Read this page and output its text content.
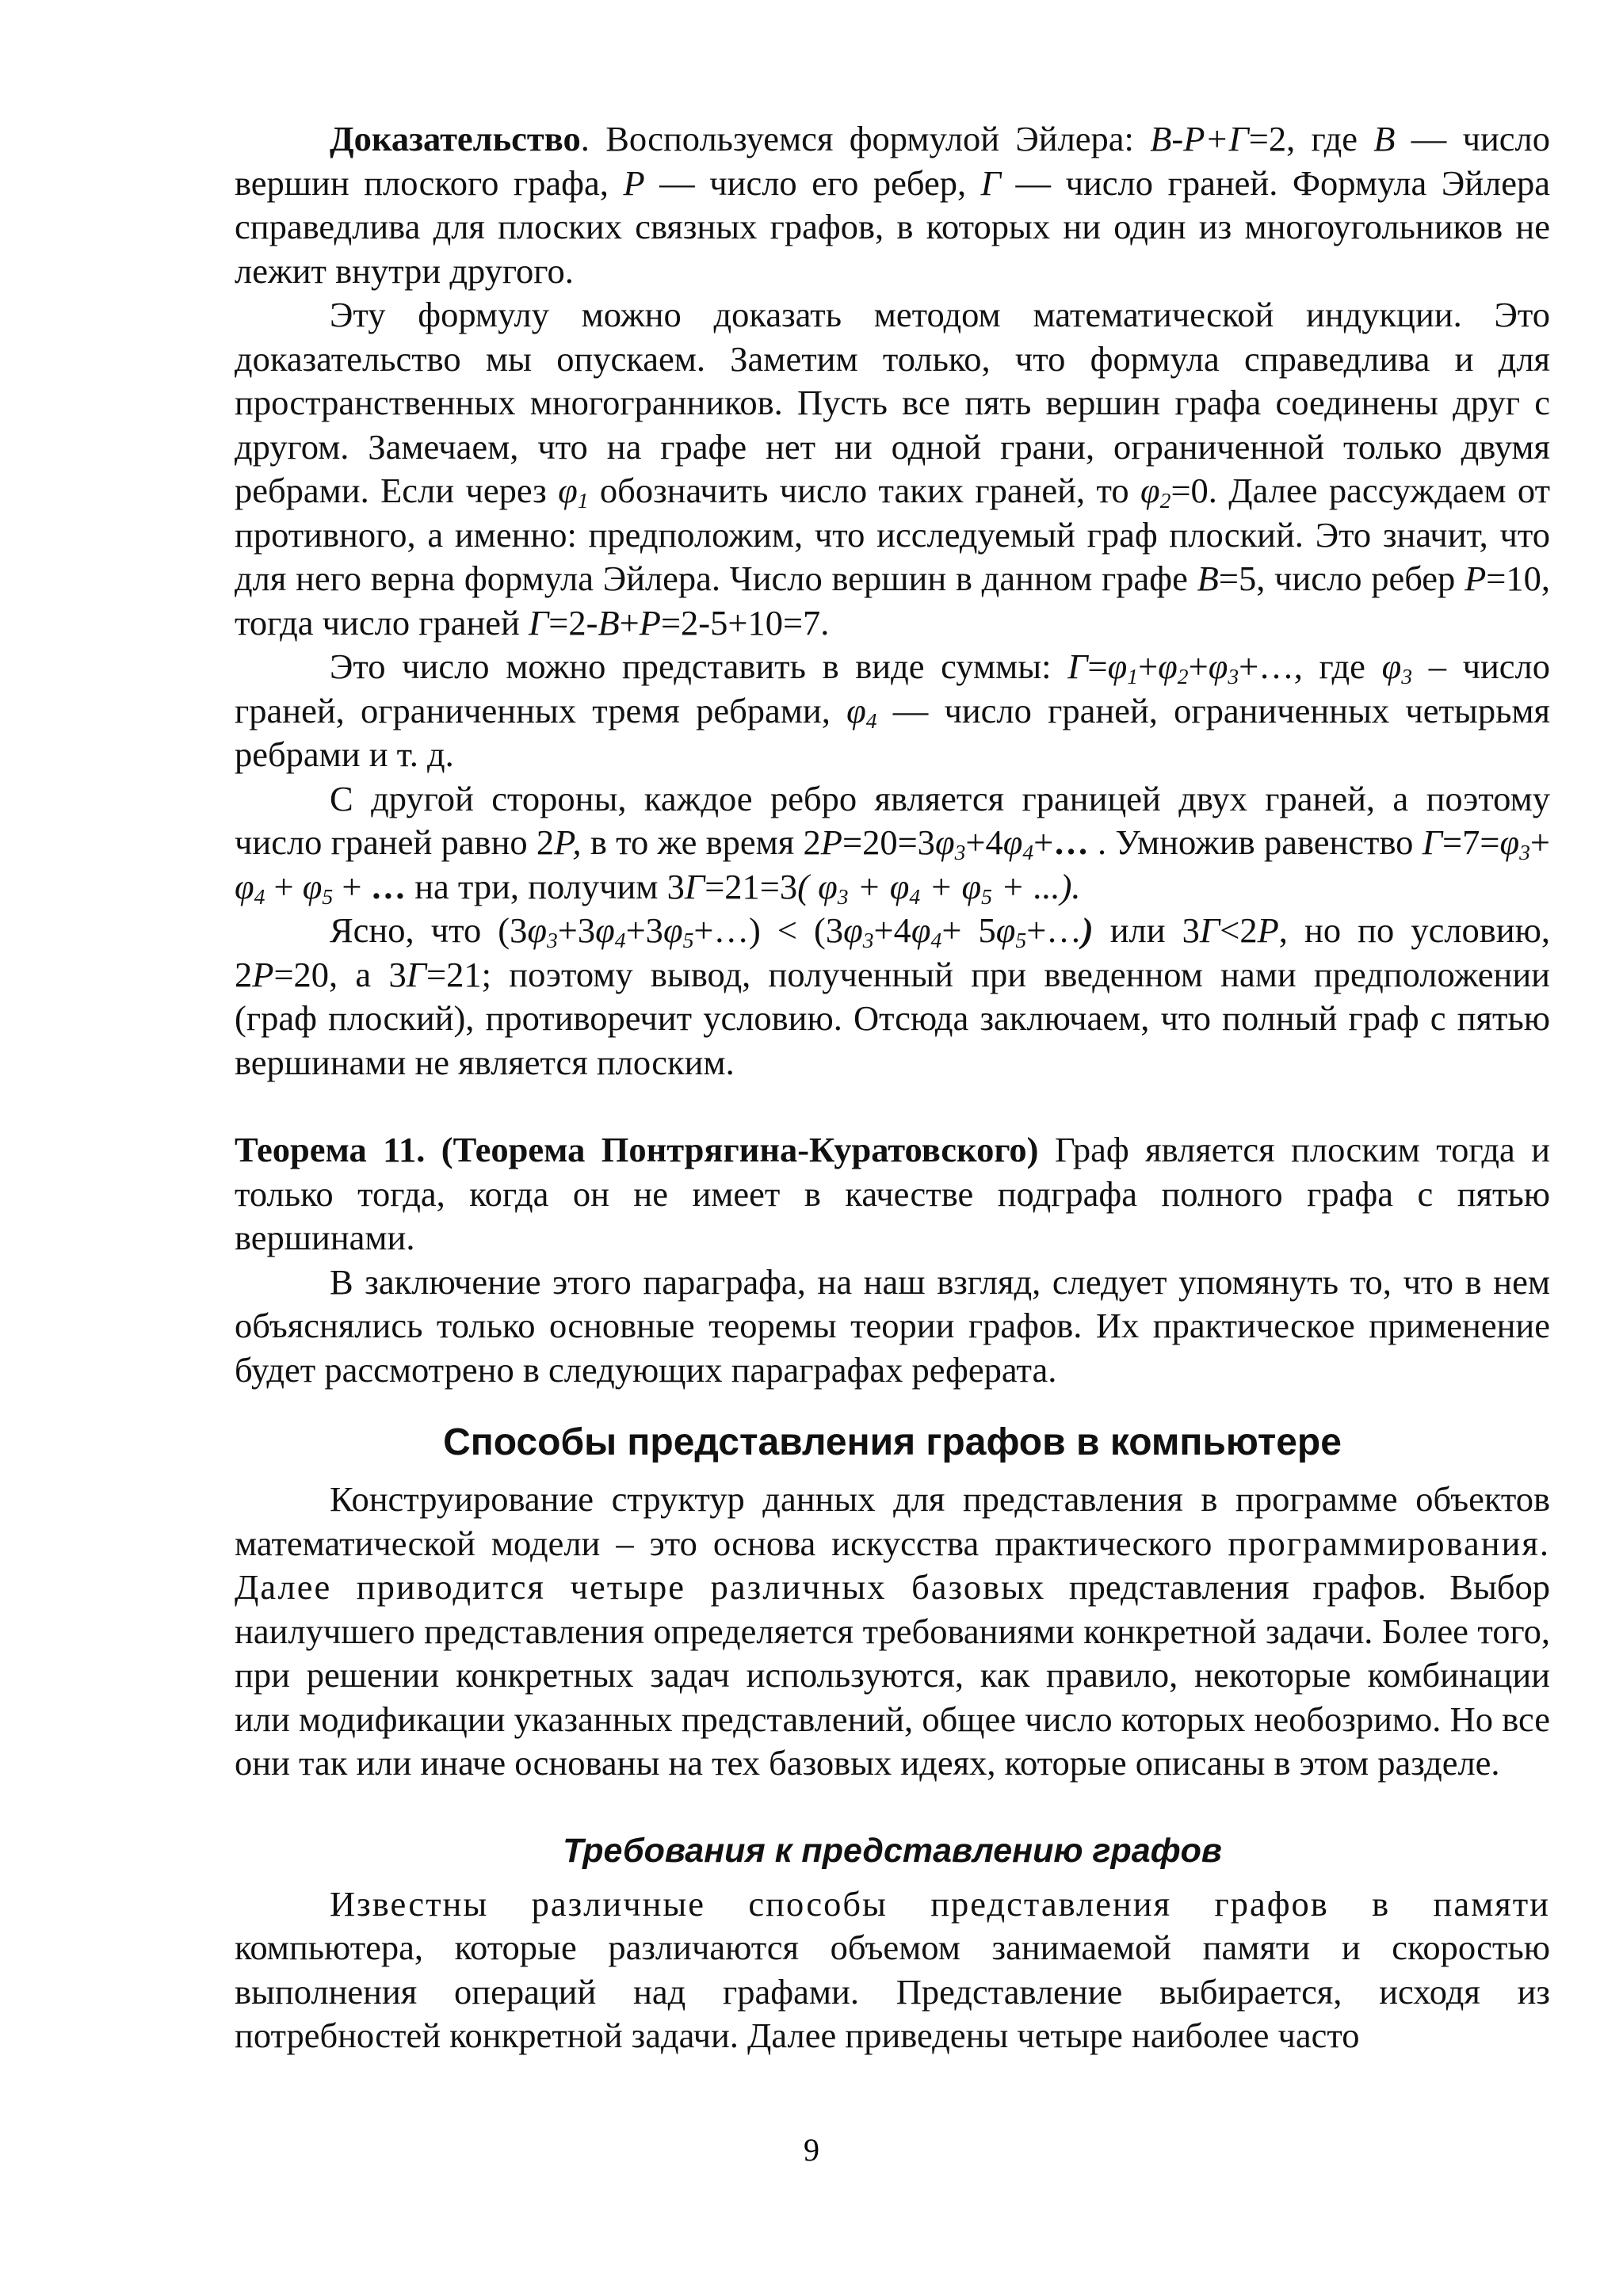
Доказательство. Воспользуемся формулой Эйлера: В-Р+Г=2, где В — число вершин плоского графа, Р — число его ребер, Г — число граней. Формула Эйлера справедлива для плоских связных графов, в которых ни один из многоугольников не лежит внутри другого.

Эту формулу можно доказать методом математической индукции. Это доказательство мы опускаем. Заметим только, что формула справедлива и для пространственных многогранников. Пусть все пять вершин графа соединены друг с другом. Замечаем, что на графе нет ни одной грани, ограниченной только двумя ребрами. Если через $\varphi_1$ обозначить число таких граней, то $\varphi_2=0$. Далее рассуждаем от противного, а именно: предположим, что исследуемый граф плоский. Это значит, что для него верна формула Эйлера. Число вершин в данном графе В=5, число ребер Р=10, тогда число граней Г=2-В+Р=2-5+10=7.

Это число можно представить в виде суммы: $Г=\varphi_1+\varphi_2+\varphi_3+\dots$, где $\varphi_3$ – число граней, ограниченных тремя ребрами, $\varphi_4$ — число граней, ограниченных четырьмя ребрами и т. д.

С другой стороны, каждое ребро является границей двух граней, а поэтому число граней равно 2Р, в то же время $2Р=20=3\varphi_3+4\varphi_4+\dots$ . Умножив равенство $Г=7=\varphi_3+ \varphi_4 + \varphi_5$ + … на три, получим 3Г=21=3( $\varphi_3 + \varphi_4 + \varphi_5$ + ...).

Ясно, что $(3\varphi_3+3\varphi_4+3\varphi_5+\dots) < (3\varphi_3+4\varphi_4+$ $5\varphi_5+\dots$) или 3Г<2Р, но по условию, 2Р=20, а 3Г=21; поэтому вывод, полученный при введенном нами предположении (граф плоский), противоречит условию. Отсюда заключаем, что полный граф с пятью вершинами не является плоским.

Теорема 11. (Теорема Понтрягина-Куратовского) Граф является плоским тогда и только тогда, когда он не имеет в качестве подграфа полного графа с пятью вершинами.

В заключение этого параграфа, на наш взгляд, следует упомянуть то, что в нем объяснялись только основные теоремы теории графов. Их практическое применение будет рассмотрено в следующих параграфах реферата.

Способы представления графов в компьютере

Конструирование структур данных для представления в программе объектов математической модели – это основа искусства практического программирования. Далее приводится четыре различных базовых представления графов. Выбор наилучшего представления определяется требованиями конкретной задачи. Более того, при решении конкретных задач используются, как правило, некоторые комбинации или модификации указанных представлений, общее число которых необозримо. Но все они так или иначе основаны на тех базовых идеях, которые описаны в этом разделе.

Требования к представлению графов

Известны различные способы представления графов в памяти компьютера, которые различаются объемом занимаемой памяти и скоростью выполнения операций над графами. Представление выбирается, исходя из потребностей конкретной задачи. Далее приведены четыре наиболее часто

9
